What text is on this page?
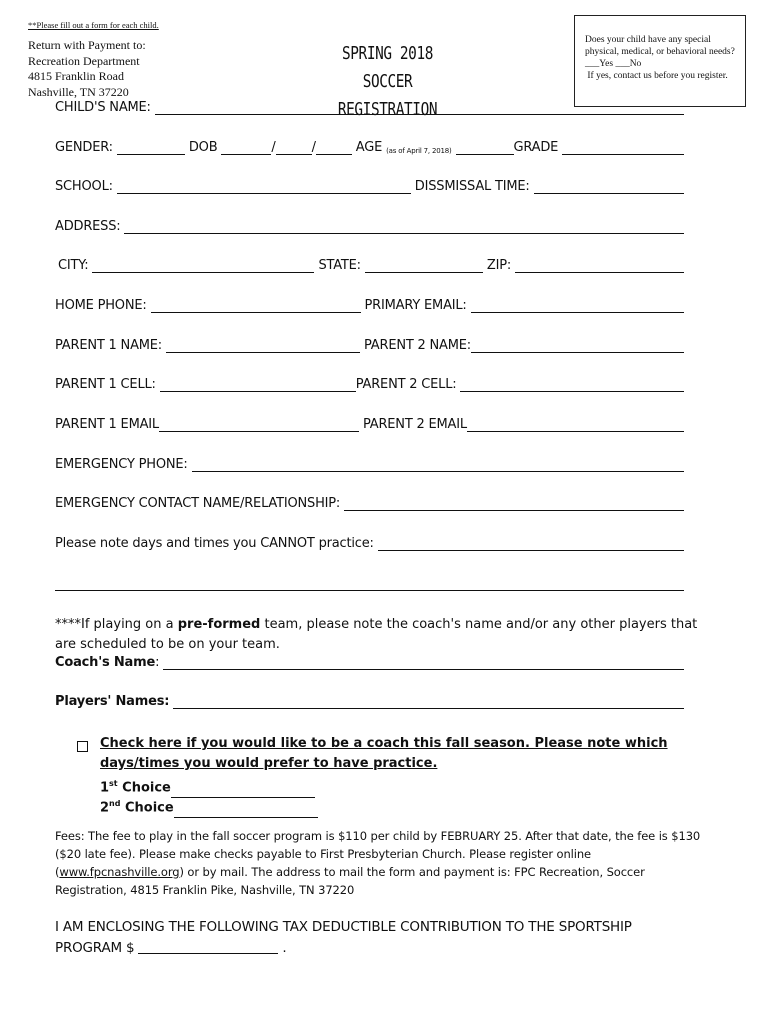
**Please fill out a form for each child.
Return with Payment to:
Recreation Department
4815 Franklin Road
Nashville, TN 37220
SPRING 2018
SOCCER REGISTRATION
Does your child have any special physical, medical, or behavioral needs? ___Yes ___No
If yes, contact us before you register.
CHILD'S NAME:
GENDER:	DOB	/	/	AGE (as of April 7, 2018)	GRADE
SCHOOL:	DISSMISSAL TIME:
ADDRESS:
CITY:	STATE:	ZIP:
HOME PHONE:	PRIMARY EMAIL:
PARENT 1 NAME:	PARENT 2 NAME:
PARENT 1 CELL:	PARENT 2 CELL:
PARENT 1 EMAIL	PARENT 2 EMAIL
EMERGENCY PHONE:
EMERGENCY CONTACT NAME/RELATIONSHIP:
Please note days and times you CANNOT practice:
****If playing on a pre-formed team, please note the coach's name and/or any other players that
are scheduled to be on your team.
Coach's Name :
Players' Names:
Check here if you would like to be a coach this fall season. Please note which days/times you would prefer to have practice.
1st Choice
2nd Choice
Fees: The fee to play in the fall soccer program is $110 per child by FEBRUARY 25. After that date, the fee is $130 ($20 late fee). Please make checks payable to First Presbyterian Church. Please register online (www.fpcnashville.org) or by mail. The address to mail the form and payment is: FPC Recreation, Soccer Registration, 4815 Franklin Pike, Nashville, TN 37220
I AM ENCLOSING THE FOLLOWING TAX DEDUCTIBLE CONTRIBUTION TO THE SPORTSHIP
PROGRAM $	.
